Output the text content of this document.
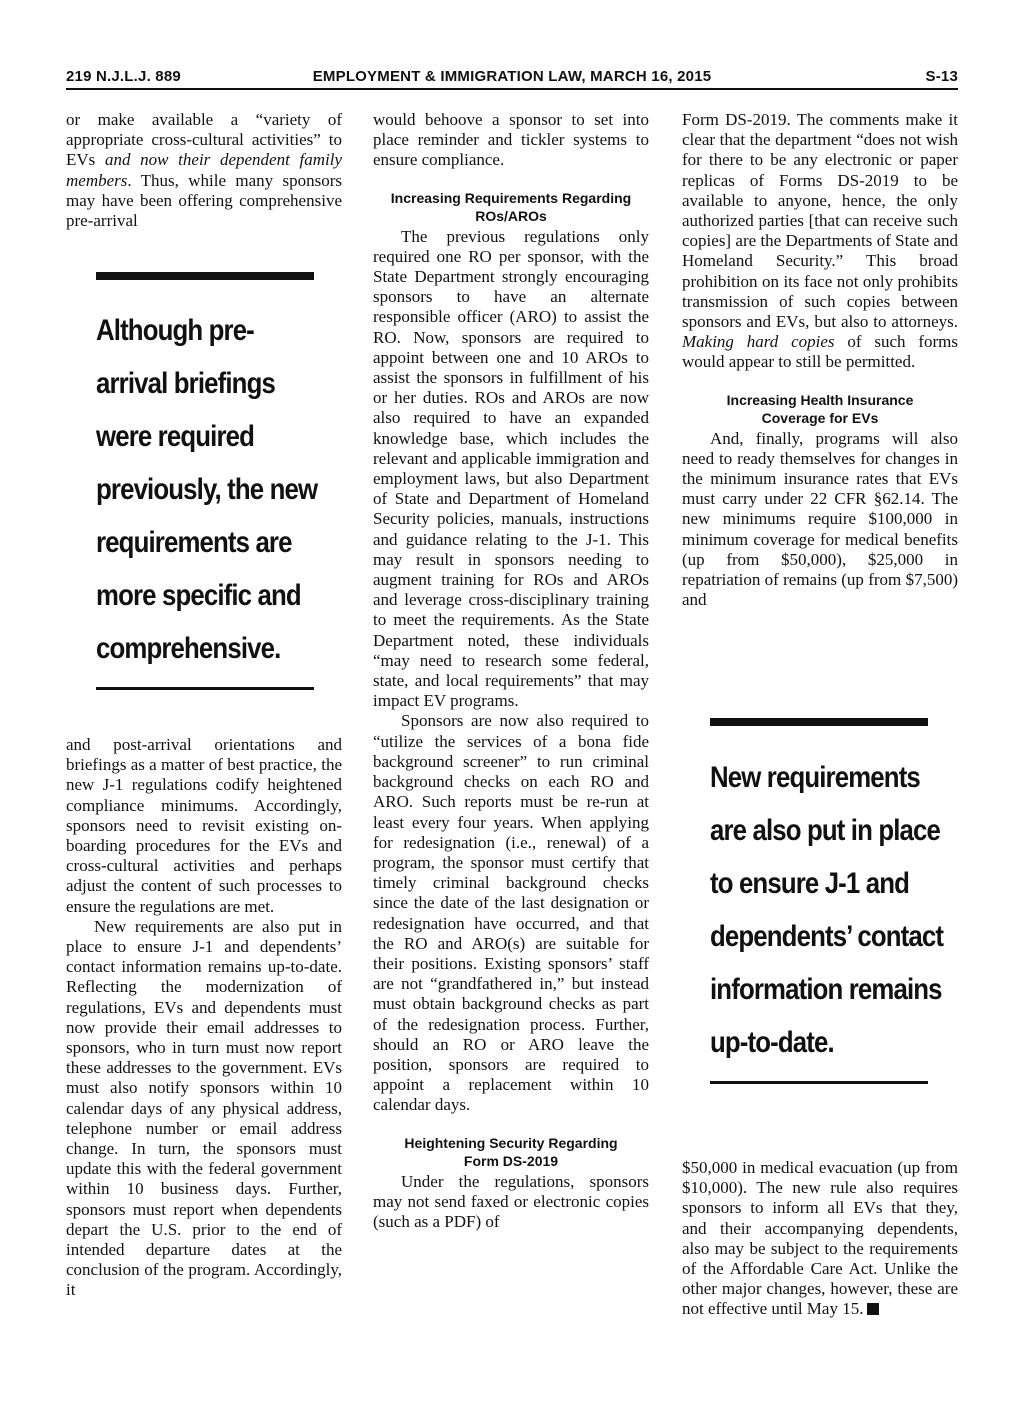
219 N.J.L.J. 889	EMPLOYMENT & IMMIGRATION LAW, MARCH 16, 2015	S-13

or make available a “variety of appropriate cross-cultural activities” to EVs and now their dependent family members. Thus, while many sponsors may have been offering comprehensive pre-arrival

Although pre-
arrival briefings
were required
previously, the new
requirements are
more specific and
comprehensive.

and post-arrival orientations and briefings as a matter of best practice, the new J-1 regulations codify heightened compliance minimums. Accordingly, sponsors need to revisit existing on-boarding procedures for the EVs and cross-cultural activities and perhaps adjust the content of such processes to ensure the regulations are met.

New requirements are also put in place to ensure J-1 and dependents’ contact information remains up-to-date. Reflecting the modernization of regulations, EVs and dependents must now provide their email addresses to sponsors, who in turn must now report these addresses to the government. EVs must also notify sponsors within 10 calendar days of any physical address, telephone number or email address change. In turn, the sponsors must update this with the federal government within 10 business days. Further, sponsors must report when dependents depart the U.S. prior to the end of intended departure dates at the conclusion of the program. Accordingly, it

would behoove a sponsor to set into place reminder and tickler systems to ensure compliance.

Increasing Requirements Regarding
ROs/AROs

The previous regulations only required one RO per sponsor, with the State Department strongly encouraging sponsors to have an alternate responsible officer (ARO) to assist the RO. Now, sponsors are required to appoint between one and 10 AROs to assist the sponsors in fulfillment of his or her duties. ROs and AROs are now also required to have an expanded knowledge base, which includes the relevant and applicable immigration and employment laws, but also Department of State and Department of Homeland Security policies, manuals, instructions and guidance relating to the J-1. This may result in sponsors needing to augment training for ROs and AROs and leverage cross-disciplinary training to meet the requirements. As the State Department noted, these individuals “may need to research some federal, state, and local requirements” that may impact EV programs.

Sponsors are now also required to “utilize the services of a bona fide background screener” to run criminal background checks on each RO and ARO. Such reports must be re-run at least every four years. When applying for redesignation (i.e., renewal) of a program, the sponsor must certify that timely criminal background checks since the date of the last designation or redesignation have occurred, and that the RO and ARO(s) are suitable for their positions. Existing sponsors’ staff are not “grandfathered in,” but instead must obtain background checks as part of the redesignation process. Further, should an RO or ARO leave the position, sponsors are required to appoint a replacement within 10 calendar days.

Heightening Security Regarding
Form DS-2019

Under the regulations, sponsors may not send faxed or electronic copies (such as a PDF) of

Form DS-2019. The comments make it clear that the department “does not wish for there to be any electronic or paper replicas of Forms DS-2019 to be available to anyone, hence, the only authorized parties [that can receive such copies] are the Departments of State and Homeland Security.” This broad prohibition on its face not only prohibits transmission of such copies between sponsors and EVs, but also to attorneys. Making hard copies of such forms would appear to still be permitted.

Increasing Health Insurance
Coverage for EVs

And, finally, programs will also need to ready themselves for changes in the minimum insurance rates that EVs must carry under 22 CFR §62.14. The new minimums require $100,000 in minimum coverage for medical benefits (up from $50,000), $25,000 in repatriation of remains (up from $7,500) and

New requirements
are also put in place
to ensure J-1 and
dependents’ contact
information remains
up-to-date.

$50,000 in medical evacuation (up from $10,000). The new rule also requires sponsors to inform all EVs that they, and their accompanying dependents, also may be subject to the requirements of the Affordable Care Act. Unlike the other major changes, however, these are not effective until May 15.
